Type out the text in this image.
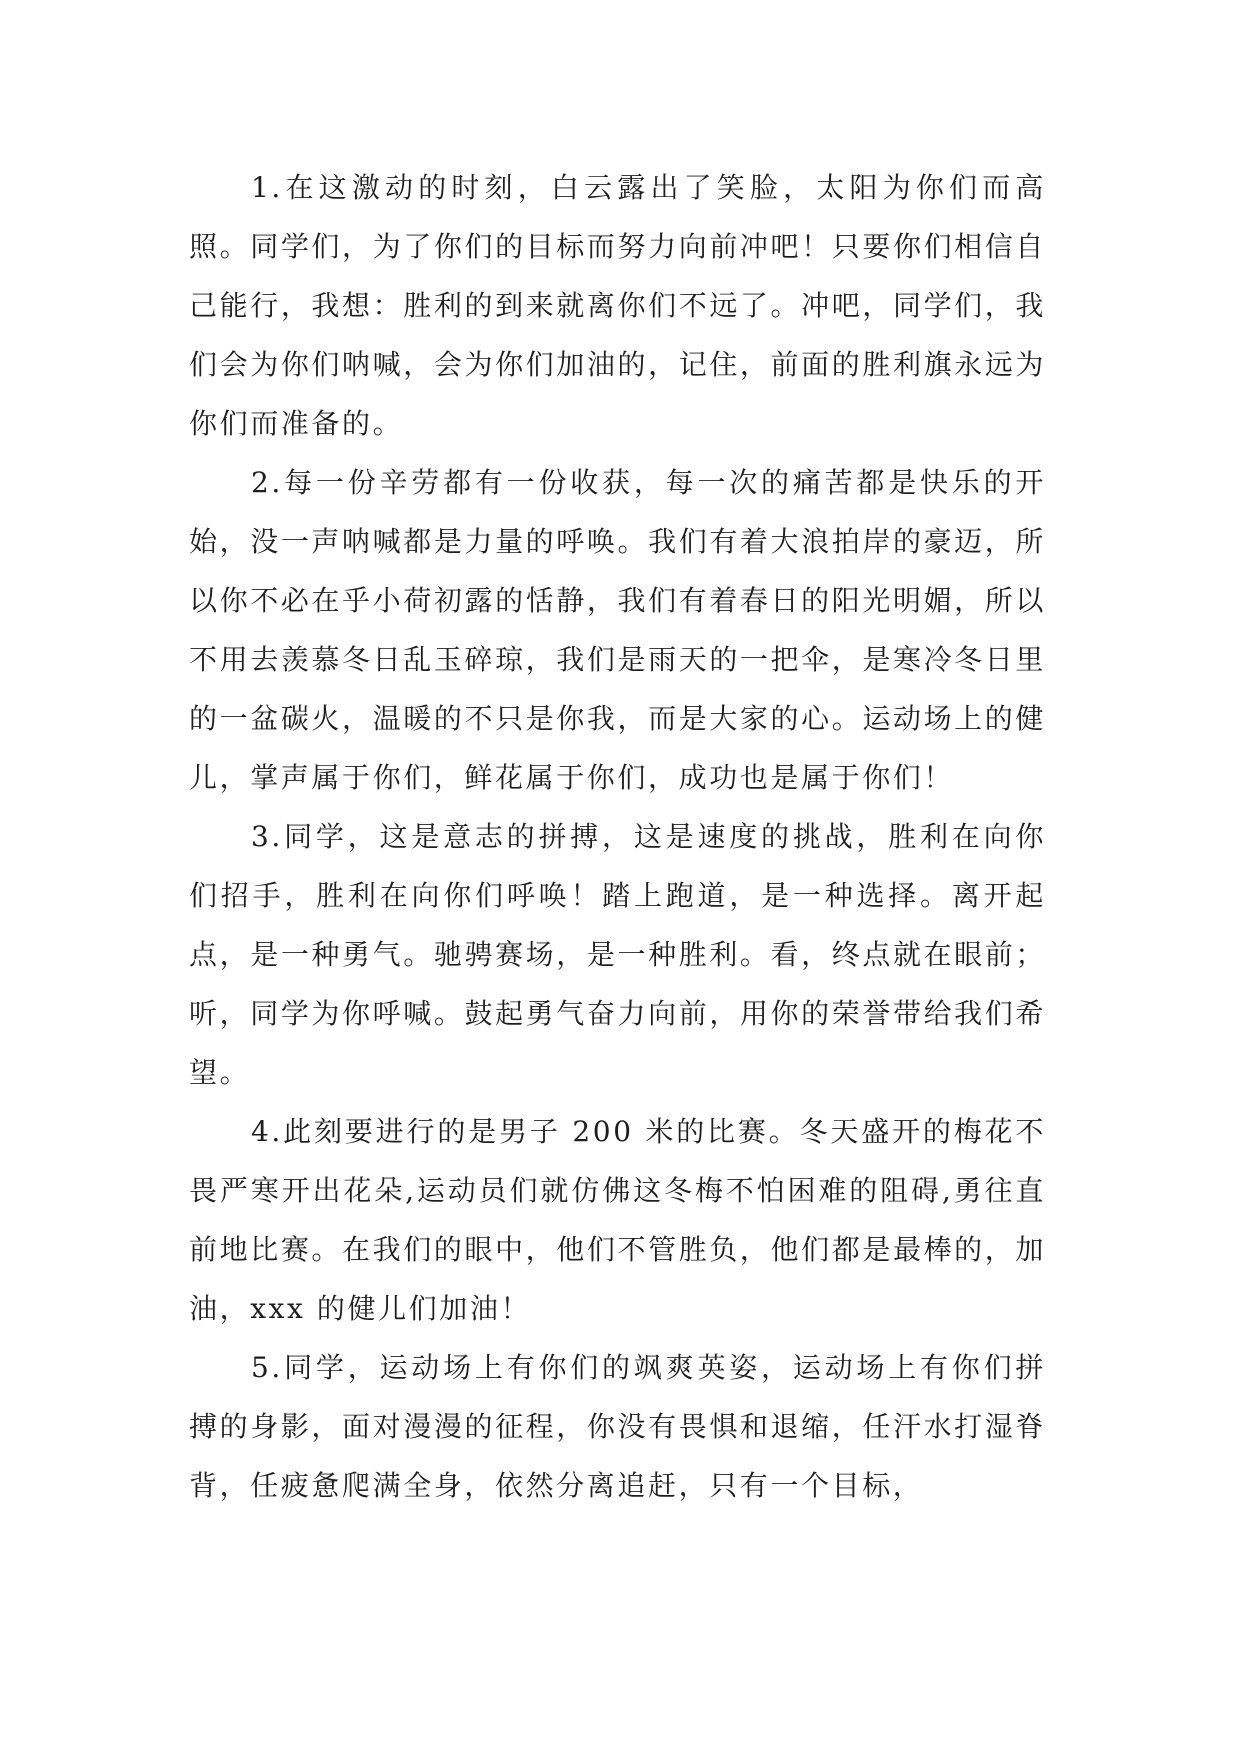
1.在这激动的时刻，白云露出了笑脸，太阳为你们而高照。同学们，为了你们的目标而努力向前冲吧！只要你们相信自己能行，我想：胜利的到来就离你们不远了。冲吧，同学们，我们会为你们呐喊，会为你们加油的，记住，前面的胜利旗永远为你们而准备的。

2.每一份辛劳都有一份收获，每一次的痛苦都是快乐的开始，没一声呐喊都是力量的呼唤。我们有着大浪拍岸的豪迈，所以你不必在乎小荷初露的恬静，我们有着春日的阳光明媚，所以不用去羡慕冬日乱玉碎琼，我们是雨天的一把伞，是寒冷冬日里的一盆碳火，温暖的不只是你我，而是大家的心。运动场上的健儿，掌声属于你们，鲜花属于你们，成功也是属于你们！

3.同学，这是意志的拼搏，这是速度的挑战，胜利在向你们招手，胜利在向你们呼唤！踏上跑道，是一种选择。离开起点，是一种勇气。驰骋赛场，是一种胜利。看，终点就在眼前；听，同学为你呼喊。鼓起勇气奋力向前，用你的荣誉带给我们希望。

4.此刻要进行的是男子 200 米的比赛。冬天盛开的梅花不畏严寒开出花朵,运动员们就仿佛这冬梅不怕困难的阻碍,勇往直前地比赛。在我们的眼中，他们不管胜负，他们都是最棒的，加油，xxx 的健儿们加油！

5.同学，运动场上有你们的飒爽英姿，运动场上有你们拼搏的身影，面对漫漫的征程，你没有畏惧和退缩，任汗水打湿脊背，任疲惫爬满全身，依然分离追赶，只有一个目标，
